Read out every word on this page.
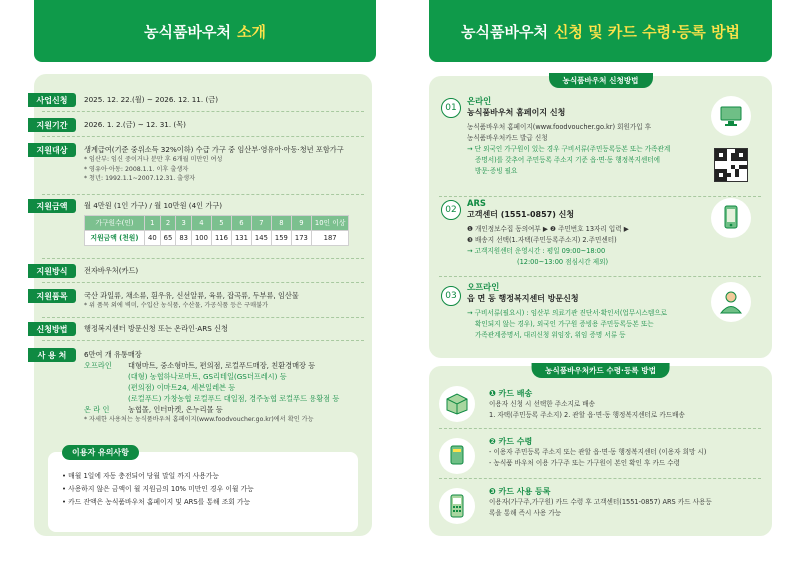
농식품바우처 소개	농식품바우처 신청 및 카드 수령·등록 방법
사업신청	2025. 12. 22.(월) ~ 2026. 12. 11. (금)
지원기간	2026. 1. 2.(금) ~ 12. 31. (목)
지원대상	생계급여(기준 중위소득 32%이하) 수급 가구 중 임산부·영유아·아동·청년 포함가구
* 임산부: 임신 중이거나 분만 후 6개월 미만인 여성
* 영유아·아동: 2008.1.1. 이후 출생자
* 청년: 1992.1.1~2007.12.31. 출생자
지원금액	월 4만원 (1인 가구) / 월 10만원 (4인 가구)
가구원수(인)	1	2	3	4	5	6	7	8	9	10인 이상
지원금액 (천원)	40	65	83	100	116	131	145	159	173	187
지원방식	전자바우처(카드)
지원품목	국산 과일류, 채소류, 흰우유, 신선알류, 육류, 잡곡류, 두부류, 임산물
* 위 품목 외에 벽미, 수입산 농식품, 수산물, 가공식품 등은 구매불가
신청방법	행정복지센터 방문신청 또는 온라인·ARS 신청
사 용 처	6만여 개 유통매장
오프라인	대형마트, 중소형마트, 편의점, 로컬푸드매장, 친환경매장 등
(대형) 농협하나로마트, GS리테일(GS더프레시) 등
(편의점) 이마트24, 세븐일레븐 등
(로컬푸드) 가창농협 로컬푸드 대일점, 경주농협 로컬푸드 용황점 등
온 라 인	농협몰, 인터마켓, 온누리몰 등
* 자세한 사용처는 농식품바우처 홈페이지(www.foodvoucher.go.kr)에서 확인 가능
이용자 유의사항
• 매월 1일에 자동 충전되어 당월 말일 까지 사용가능
• 사용하지 않은 금액이 월 지원금의 10% 미만인 경우 이월 가능
• 카드 잔액은 농식품바우처 홈페이지 및 ARS를 통해 조회 가능
농식품바우처 신청방법
01
온라인
농식품바우처 홈페이지 신청
농식품바우처 홈페이지(www.foodvoucher.go.kr) 회원가입 후
농식품바우처카드 발급 신청
→ 단 외국인 가구원이 있는 경우 구비서류(주민등록등본 또는 가족관계
증명서)를 갖추어 주민등록 주소지 기준 읍·면·동 행정복지센터에
방문·증빙 필요
02
ARS
고객센터 (1551-0857) 신청
❶ 개인정보수집 동의여부 ▶ ❷ 주민번호 13자리 입력 ▶
❸ 배송지 선택(1.자택(주민등록주소지) 2.주민센터)
→ 고객지원센터 운영시간 : 평일 09:00~18:00
(12:00~13:00 점심시간 제외)
03
오프라인
읍 면 동 행정복지센터 방문신청
→ 구비서류(필요시) : 임산부 의료기관 진단서·확인서(업무시스템으로
확인되지 않는 경우), 외국인 가구원 증빙용 주민등록등본 또는
가족관계증명서, 대리신청 위임장, 위임 증명 서류 등
농식품바우처카드 수령·등록 방법
❶ 카드 배송
이용자 신청 시 선택한 주소지로 배송
1. 자택(주민등록 주소지) 2. 관할 읍·면·동 행정복지센터로 카드배송
❷ 카드 수령
- 이용자 주민등록 주소지 또는 관할 읍·면·동 행정복지센터 (이용자 희망 시)
- 농식품 바우처 이용 가구주 또는 가구원이 본인 확인 후 카드 수령
❸ 카드 사용 등록
이용자(가구주,가구원) 카드 수령 후 고객센터(1551-0857) ARS 카드 사용등
록을 통해 즉시 사용 가능
